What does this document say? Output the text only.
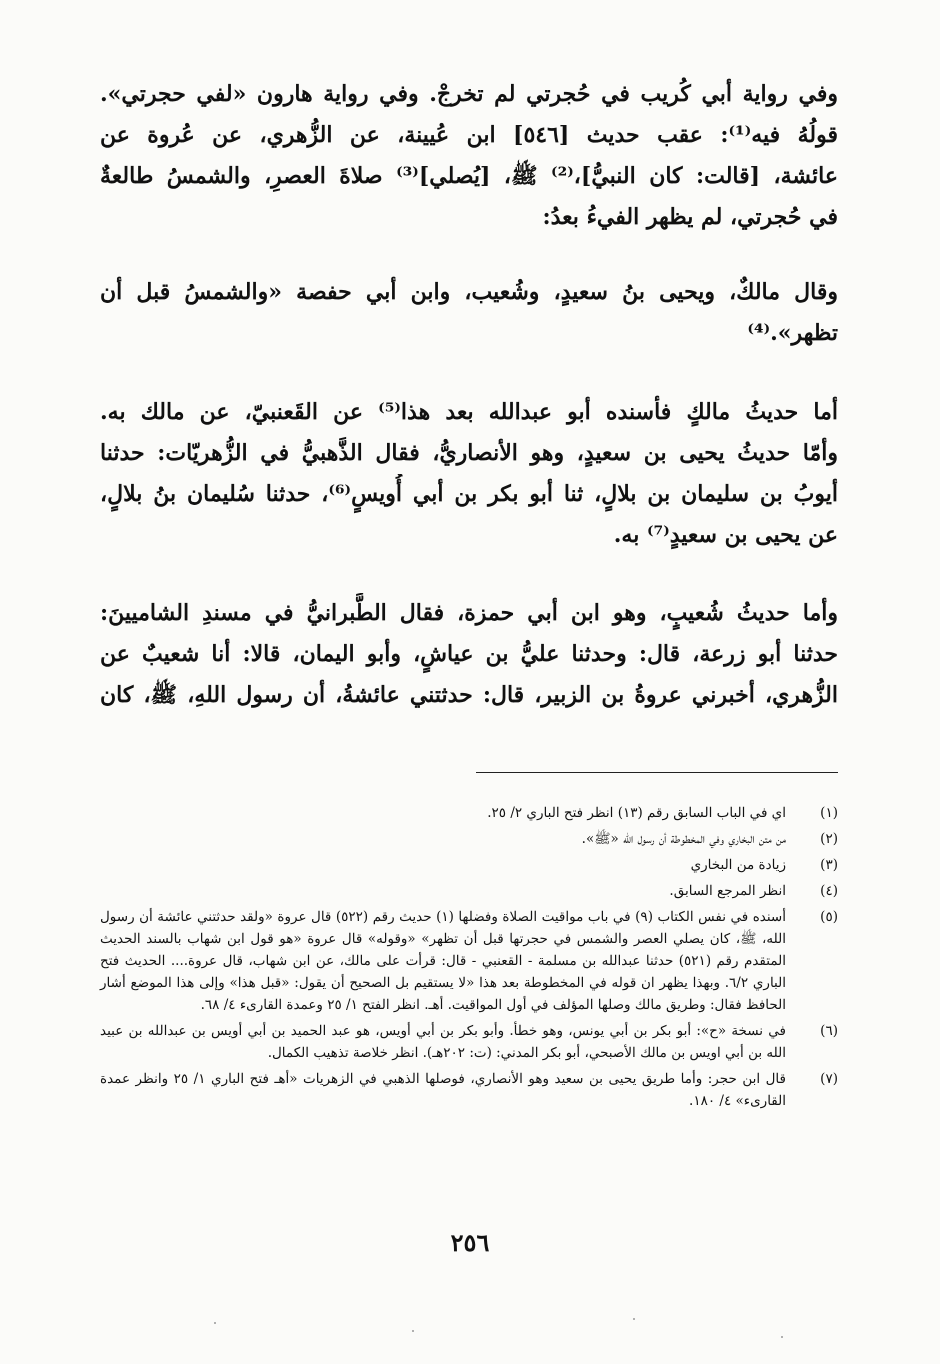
وفي رواية أبي كُريب في حُجرتي لم تخرجْ. وفي رواية هارون «لفي حجرتي».
قولُهُ فيه⁽¹⁾: عقب حديث [٥٤٦] ابن عُيينة، عن الزُّهري، عن عُروة عن
عائشة، [قالت: كان النبيُّ]،⁽²⁾ ﷺ، [يُصلي]⁽³⁾ صلاةَ العصرِ، والشمسُ طالعةٌ
في حُجرتي، لم يظهر الفيءُ بعدُ:
وقال مالكٌ، ويحيى بنُ سعيدٍ، وشُعيب، وابن أبي حفصة «والشمسُ قبل أن
تظهر».⁽⁴⁾
أما حديثُ مالكٍ فأسنده أبو عبدالله بعد هذا⁽⁵⁾ عن القَعنبيّ، عن مالك به.
وأمّا حديثُ يحيى بن سعيدٍ، وهو الأنصاريُّ، فقال الذَّهبيُّ في الزُّهريّات: حدثنا
أيوبُ بن سليمان بن بلالٍ، ثنا أبو بكر بن أبي أُويسٍ⁽⁶⁾، حدثنا سُليمان بنُ بلالٍ،
عن يحيى بن سعيدٍ⁽⁷⁾ به.
وأما حديثُ شُعيبٍ، وهو ابن أبي حمزة، فقال الطَّبرانيُّ في مسندِ الشاميينَ:
حدثنا أبو زرعة، قال: وحدثنا عليُّ بن عياشٍ، وأبو اليمان، قالا: أنا شعيبٌ عن
الزُّهري، أخبرني عروةُ بن الزبير، قال: حدثتني عائشةُ، أن رسول اللهِ، ﷺ، كان
(١)
اي في الباب السابق رقم (١٣) انظر فتح الباري ٢/ ٢٥.
(٢)
من متن البخاري وفي المخطوطة أن رسول الله «ﷺ».
(٣)
زيادة من البخاري
(٤)
انظر المرجع السابق.
(٥)
أسنده في نفس الكتاب (٩) في باب مواقيت الصلاة وفضلها (١) حديث رقم (٥٢٢) قال عروة «ولقد حدثتني عائشة أن رسول الله، ﷺ، كان يصلي العصر والشمس في حجرتها قبل أن تظهر» «وقوله» قال عروة «هو قول ابن شهاب بالسند الحديث المتقدم رقم (٥٢١) حدثنا عبدالله بن مسلمة - القعنبي - قال: قرأت على مالك، عن ابن شهاب، قال عروة.... الحديث فتح الباري ٦/٢. وبهذا يظهر ان قوله في المخطوطة بعد هذا «لا يستقيم بل الصحيح أن يقول: «قبل هذا» وإلى هذا الموضع أشار الحافظ فقال: وطريق مالك وصلها المؤلف في أول المواقيت. أهـ. انظر الفتح ١/ ٢٥ وعمدة القارىء ٤/ ٦٨.
(٦)
في نسخة «ح»: أبو بكر بن أبي يونس، وهو خطأ. وأبو بكر بن أبي أويس، هو عبد الحميد بن أبي أويس بن عبدالله بن عبيد الله بن أبي اويس بن مالك الأصبحي، أبو بكر المدني: (ت: ٢٠٢هـ). انظر خلاصة تذهيب الكمال.
(٧)
قال ابن حجر: وأما طريق يحيى بن سعيد وهو الأنصاري، فوصلها الذهبي في الزهريات «أهـ فتح الباري ١/ ٢٥ وانظر عمدة القارىء» ٤/ ١٨٠.
٢٥٦
